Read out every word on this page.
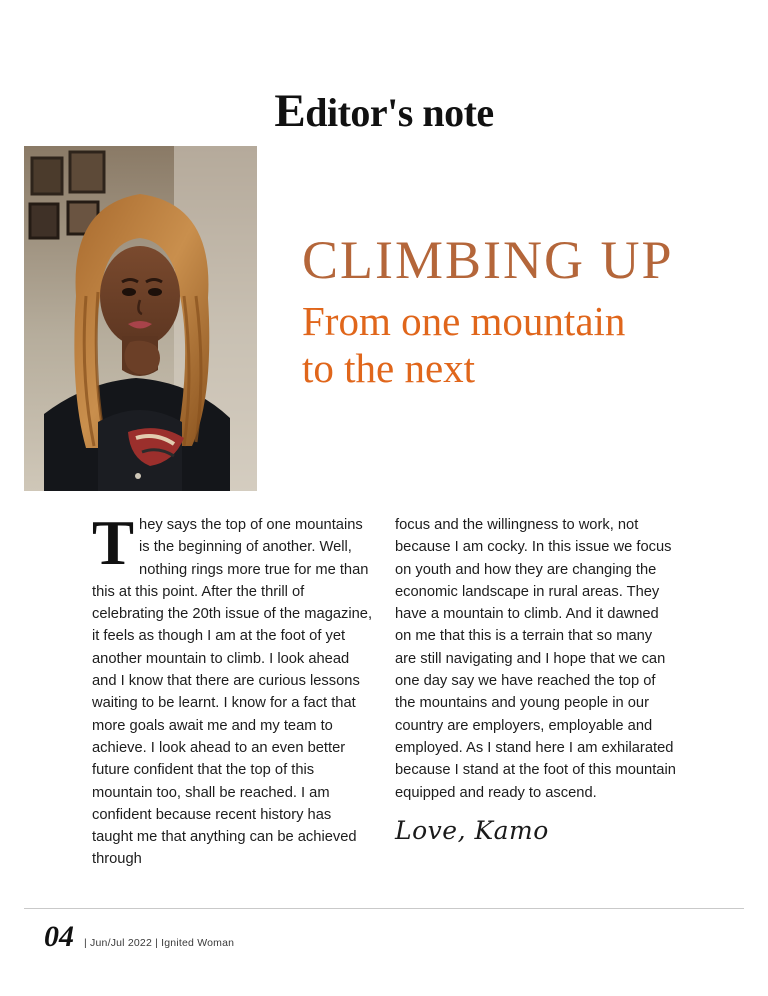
Editor's note
CLIMBING UP
From one mountain
to the next
T hey says the top of one mountains is the beginning of another. Well, nothing rings more true for me than this at this point. After the thrill of celebrating the 20th issue of the magazine, it feels as though I am at the foot of yet another mountain to climb. I look ahead and I know that there are curious lessons waiting to be learnt. I know for a fact that more goals await me and my team to achieve. I look ahead to an even better future confident that the top of this mountain too, shall be reached. I am confident because recent history has taught me that anything can be achieved through

focus and the willingness to work, not because I am cocky. In this issue we focus on youth and how they are changing the economic landscape in rural areas. They have a mountain to climb. And it dawned on me that this is a terrain that so many are still navigating and I hope that we can one day say we have reached the top of the mountains and young people in our country are employers, employable and employed. As I stand here I am exhilarated because I stand at the foot of this mountain equipped and ready to ascend.

Love, Kamo
04 | Jun/Jul 2022 | Ignited Woman
